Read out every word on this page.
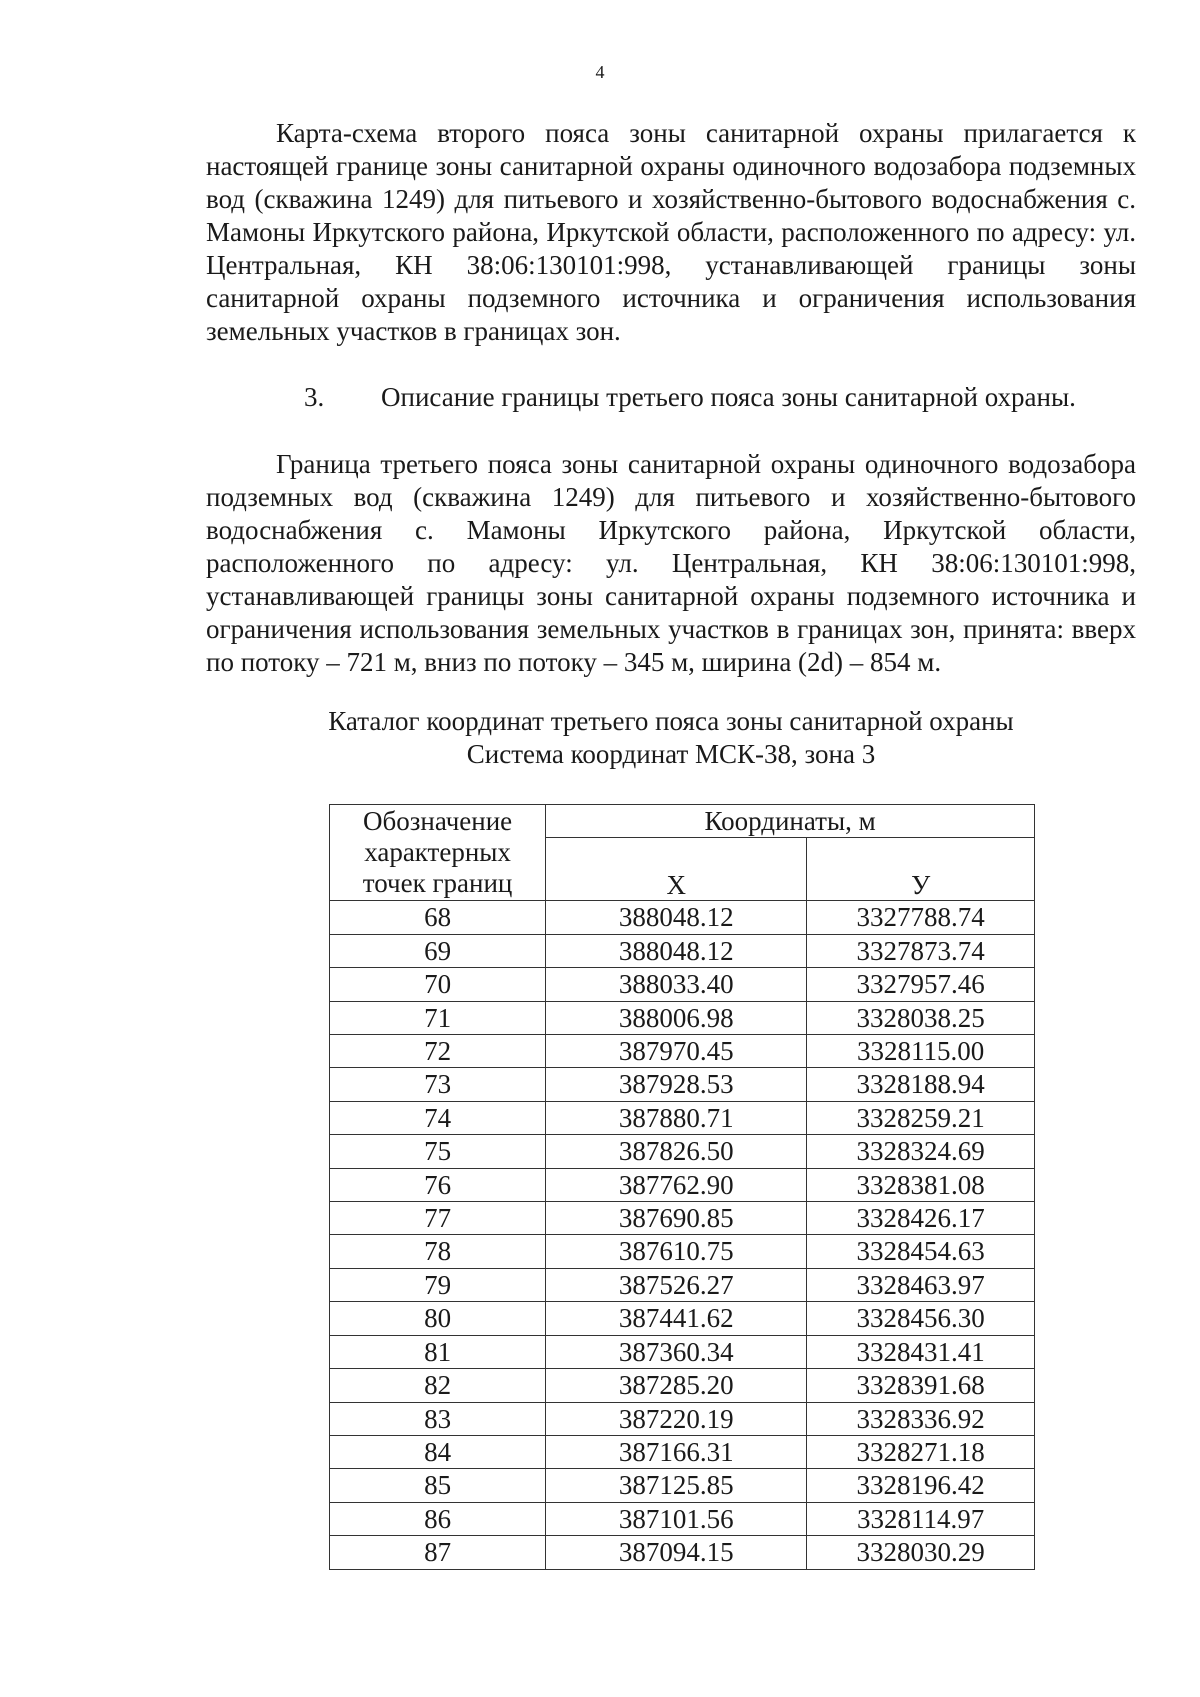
4

Карта-схема второго пояса зоны санитарной охраны прилагается к настоящей границе зоны санитарной охраны одиночного водозабора подземных вод (скважина 1249) для питьевого и хозяйственно-бытового водоснабжения с. Мамоны Иркутского района, Иркутской области, расположенного по адресу: ул. Центральная, КН 38:06:130101:998, устанавливающей границы зоны санитарной охраны подземного источника и ограничения использования земельных участков в границах зон.

3. Описание границы третьего пояса зоны санитарной охраны.

Граница третьего пояса зоны санитарной охраны одиночного водозабора подземных вод (скважина 1249) для питьевого и хозяйственно-бытового водоснабжения с. Мамоны Иркутского района, Иркутской области, расположенного по адресу: ул. Центральная, КН 38:06:130101:998, устанавливающей границы зоны санитарной охраны подземного источника и ограничения использования земельных участков в границах зон, принята: вверх по потоку – 721 м, вниз по потоку – 345 м, ширина (2d) – 854 м.

Каталог координат третьего пояса зоны санитарной охраны
Система координат МСК-38, зона 3
Обозначение характерных точек границ	Координаты, м	
	X	У
68	388048.12	3327788.74
69	388048.12	3327873.74
70	388033.40	3327957.46
71	388006.98	3328038.25
72	387970.45	3328115.00
73	387928.53	3328188.94
74	387880.71	3328259.21
75	387826.50	3328324.69
76	387762.90	3328381.08
77	387690.85	3328426.17
78	387610.75	3328454.63
79	387526.27	3328463.97
80	387441.62	3328456.30
81	387360.34	3328431.41
82	387285.20	3328391.68
83	387220.19	3328336.92
84	387166.31	3328271.18
85	387125.85	3328196.42
86	387101.56	3328114.97
87	387094.15	3328030.29
